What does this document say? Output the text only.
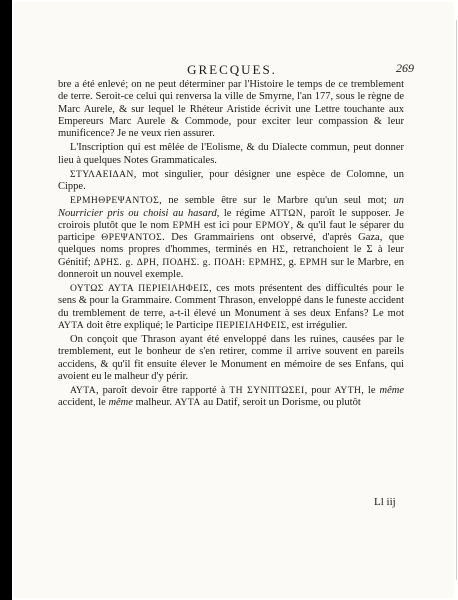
GRECQUES.	269

bre a été enlevé; on ne peut déterminer par l'Histoire le temps de ce tremblement de terre. Seroit-ce celui qui renversa la ville de Smyrne, l'an 177, sous le règne de Marc Aurele, & sur lequel le Rhéteur Aristide écrivit une Lettre touchante aux Empereurs Marc Aurele & Commode, pour exciter leur compassion & leur munificence? Je ne veux rien assurer.

L'Inscription qui est mêlée de l'Eolisme, & du Dialecte commun, peut donner lieu à quelques Notes Grammaticales.

ΣΤΥΛΑΕΙΔΑΝ, mot singulier, pour désigner une espèce de Colomne, un Cippe.

ΕΡΜΗΘΡΕΨΑΝΤΟΣ, ne semble être sur le Marbre qu'un seul mot; un Nourricier pris ou choisi au hasard, le régime ΑΤΤΩΝ, paroît le supposer. Je croirois plutôt que le nom ΕΡΜΗ est ici pour ΕΡΜΟΥ, & qu'il faut le séparer du participe ΘΡΕΨΑΝΤΟΣ. Des Grammairiens ont observé, d'après Gaza, que quelques noms propres d'hommes, terminés en ΗΣ, retranchoient le Σ à leur Génitif; ΔΡΗΣ. g. ΔΡΗ, ΠΟΔΗΣ. g. ΠΟΔΗ: ΕΡΜΗΣ, g. ΕΡΜΗ sur le Marbre, en donneroit un nouvel exemple.

ΟΥΤΩΣ ΑΥΤΑ ΠΕΡΙΕΙΛΗΦΕΙΣ, ces mots présentent des difficultés pour le sens & pour la Grammaire. Comment Thrason, enveloppé dans le funeste accident du tremblement de terre, a-t-il élevé un Monument à ses deux Enfans? Le mot ΑΥΤΑ doit être expliqué; le Participe ΠΕΡΙΕΙΛΗΦΕΙΣ, est irrégulier.

On conçoit que Thrason ayant été enveloppé dans les ruines, causées par le tremblement, eut le bonheur de s'en retirer, comme il arrive souvent en pareils accidens, & qu'il fit ensuite élever le Monument en mémoire de ses Enfans, qui avoient eu le malheur d'y périr.

ΑΥΤΑ, paroît devoir être rapporté à ΤΗ ΣΥΝΠΤΩΣΕΙ, pour ΑΥΤΗ, le même accident, le même malheur. ΑΥΤΑ au Datif, seroit un Dorisme, ou plutôt

Ll iij
